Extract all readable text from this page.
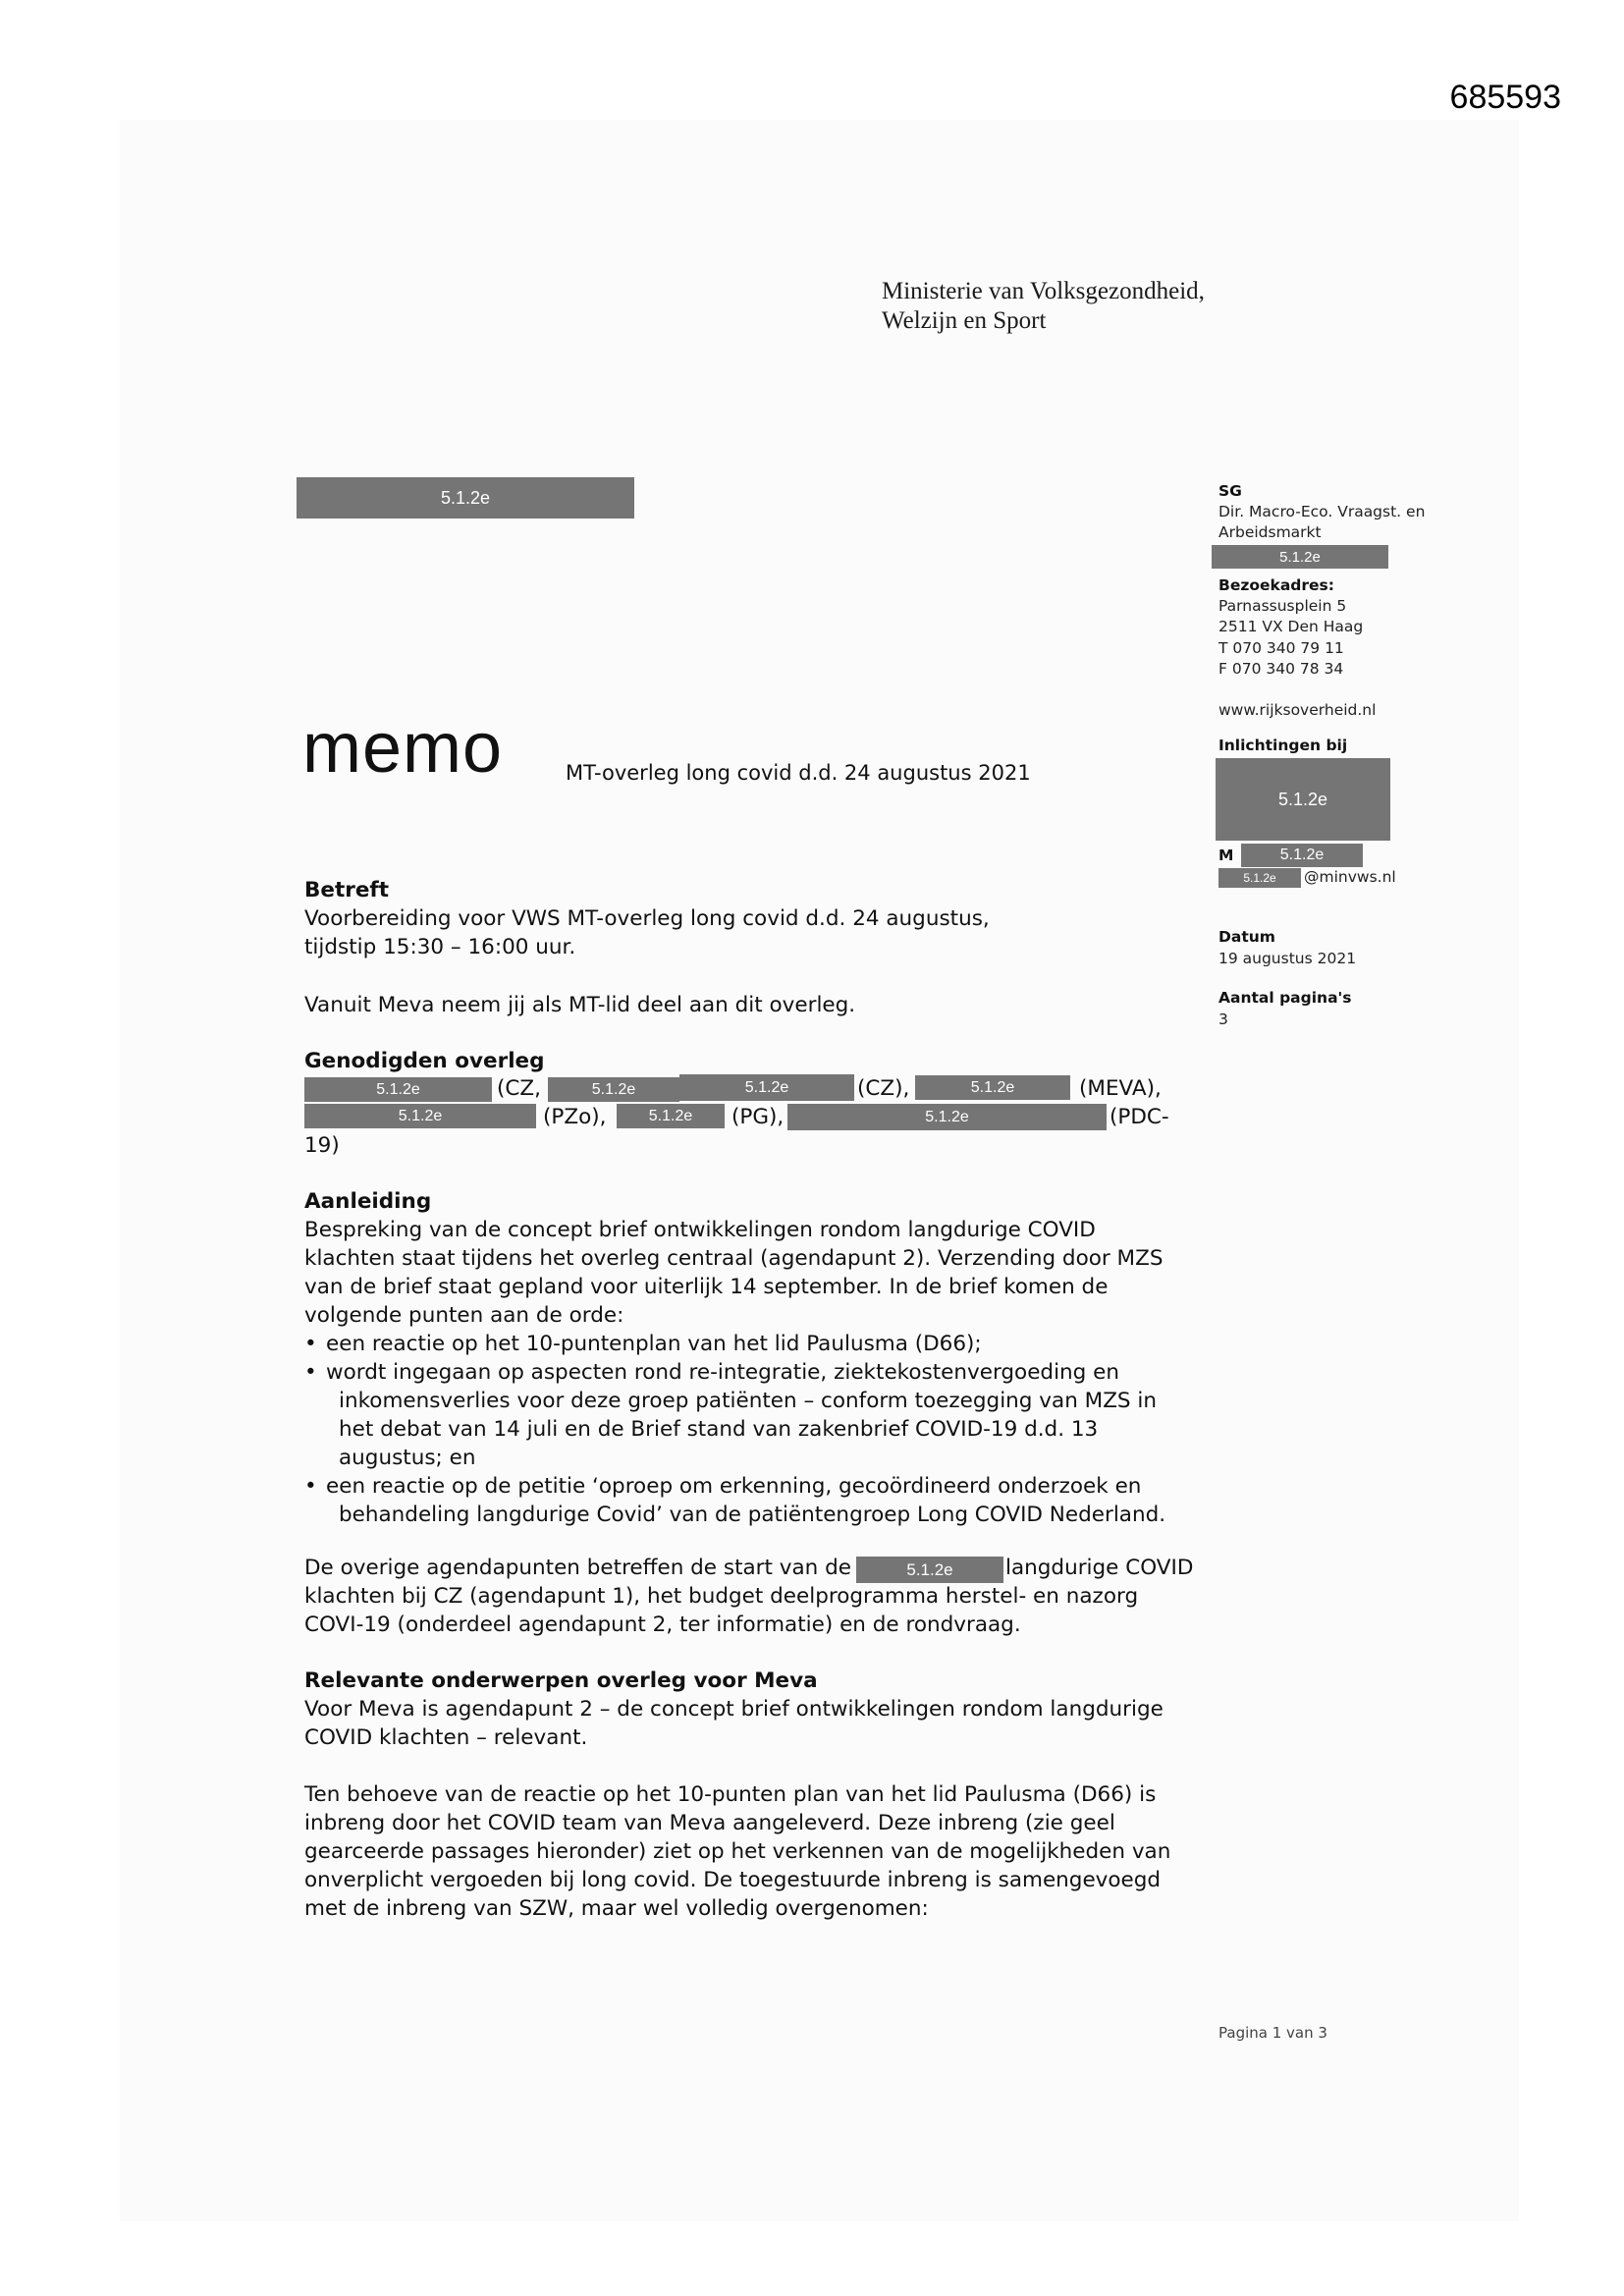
685593
Ministerie van Volksgezondheid,
Welzijn en Sport
5.1.2e
memo	MT-overleg long covid d.d. 24 augustus 2021
SG
Dir. Macro-Eco. Vraagst. en
Arbeidsmarkt
5.1.2e
Bezoekadres:
Parnassusplein 5
2511 VX Den Haag
T 070 340 79 11
F 070 340 78 34
www.rijksoverheid.nl
Inlichtingen bij
5.1.2e
M	5.1.2e
5.1.2e	@minvws.nl
Datum
19 augustus 2021
Aantal pagina's
3
Betreft
Voorbereiding voor VWS MT-overleg long covid d.d. 24 augustus,
tijdstip 15:30 – 16:00 uur.
Vanuit Meva neem jij als MT-lid deel aan dit overleg.
Genodigden overleg
5.1.2e	(CZ,	5.1.2e	5.1.2e	(CZ),	5.1.2e	(MEVA),
5.1.2e	(PZo),	5.1.2e	(PG),	5.1.2e	(PDC-
19)
Aanleiding
Bespreking van de concept brief ontwikkelingen rondom langdurige COVID
klachten staat tijdens het overleg centraal (agendapunt 2). Verzending door MZS
van de brief staat gepland voor uiterlijk 14 september. In de brief komen de
volgende punten aan de orde:
• een reactie op het 10-puntenplan van het lid Paulusma (D66);
• wordt ingegaan op aspecten rond re-integratie, ziektekostenvergoeding en
inkomensverlies voor deze groep patiënten – conform toezegging van MZS in
het debat van 14 juli en de Brief stand van zakenbrief COVID-19 d.d. 13
augustus; en
• een reactie op de petitie ‘oproep om erkenning, gecoördineerd onderzoek en
behandeling langdurige Covid’ van de patiëntengroep Long COVID Nederland.
De overige agendapunten betreffen de start van de	5.1.2e	langdurige COVID
klachten bij CZ (agendapunt 1), het budget deelprogramma herstel- en nazorg
COVI-19 (onderdeel agendapunt 2, ter informatie) en de rondvraag.
Relevante onderwerpen overleg voor Meva
Voor Meva is agendapunt 2 – de concept brief ontwikkelingen rondom langdurige
COVID klachten – relevant.
Ten behoeve van de reactie op het 10-punten plan van het lid Paulusma (D66) is
inbreng door het COVID team van Meva aangeleverd. Deze inbreng (zie geel
gearceerde passages hieronder) ziet op het verkennen van de mogelijkheden van
onverplicht vergoeden bij long covid. De toegestuurde inbreng is samengevoegd
met de inbreng van SZW, maar wel volledig overgenomen:
Pagina 1 van 3
